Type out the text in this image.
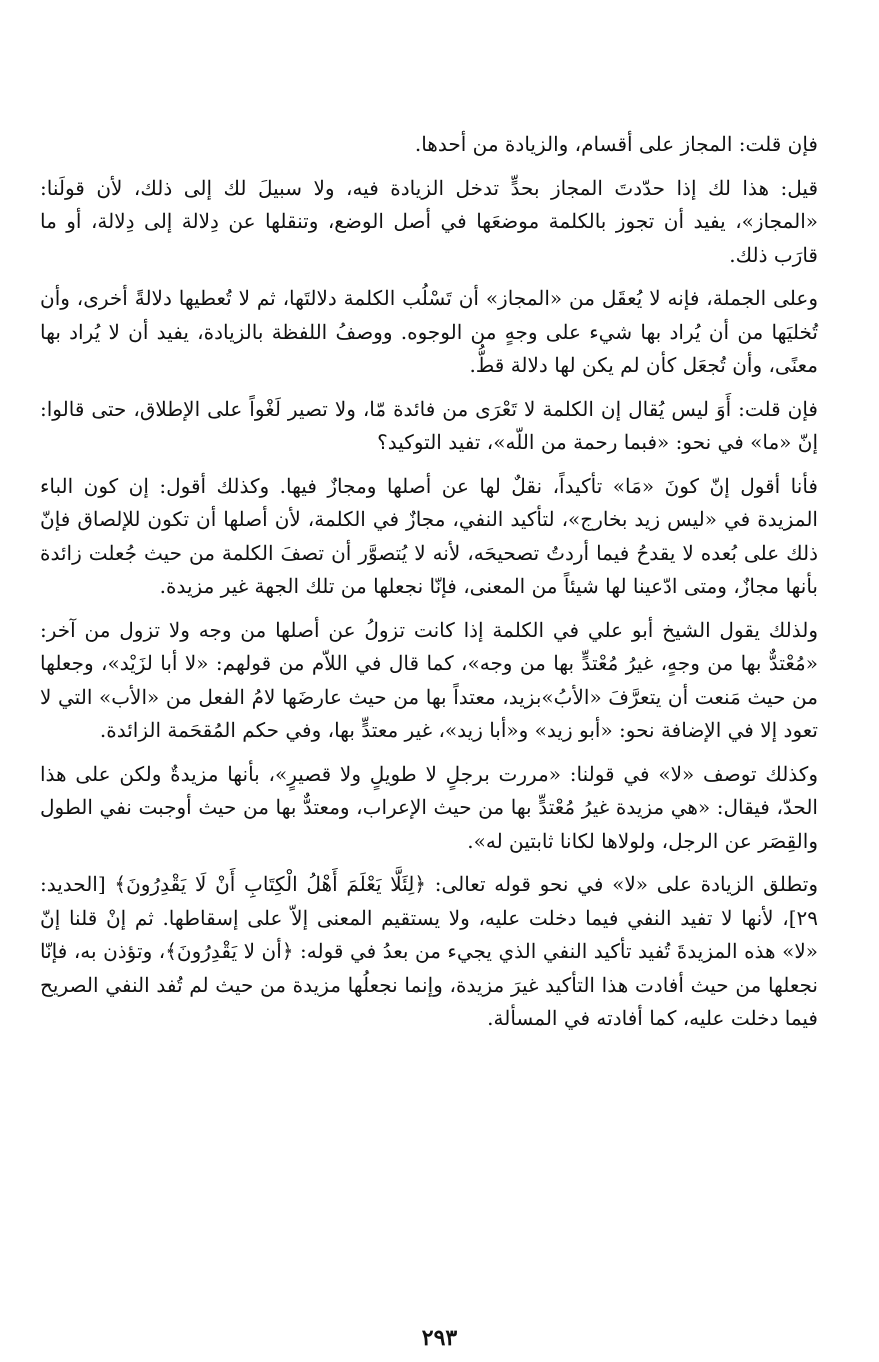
فإن قلت: المجاز على أقسام، والزيادة من أحدها.

قيل: هذا لك إذا حدّدتَ المجاز بحدٍّ تدخل الزيادة فيه، ولا سبيلَ لك إلى ذلك، لأن قولَنا: «المجاز»، يفيد أن تجوز بالكلمة موضعَها في أصل الوضع، وتنقلها عن دِلالة إلى دِلالة، أو ما قارَب ذلك.

وعلى الجملة، فإنه لا يُعقَل من «المجاز» أن تَسْلُب الكلمة دلالتَها، ثم لا تُعطيها دلالةً أخرى، وأن تُخليَها من أن يُراد بها شيء على وجهٍ من الوجوه. ووصفُ اللفظة بالزيادة، يفيد أن لا يُراد بها معنًى، وأن تُجعَل كأن لم يكن لها دلالة قطُّ.

فإن قلت: أَوَ ليس يُقال إن الكلمة لا تَعْرَى من فائدة مّا، ولا تصير لَغْواً على الإطلاق، حتى قالوا: إنّ «ما» في نحو: «فبما رحمة من اللّه»، تفيد التوكيد؟

فأنا أقول إنّ كونَ «مَا» تأكيداً، نقلٌ لها عن أصلها ومجازٌ فيها. وكذلك أقول: إن كون الباء المزيدة في «ليس زيد بخارج»، لتأكيد النفي، مجازٌ في الكلمة، لأن أصلها أن تكون للإلصاق فإنّ ذلك على بُعده لا يقدحُ فيما أردتُ تصحيحَه، لأنه لا يُتصوَّر أن تصفَ الكلمة من حيث جُعلت زائدة بأنها مجازٌ، ومتى ادّعينا لها شيئاً من المعنى، فإنّا نجعلها من تلك الجهة غير مزيدة.

ولذلك يقول الشيخ أبو علي في الكلمة إذا كانت تزولُ عن أصلها من وجه ولا تزول من آخر: «مُعْتدٌّ بها من وجهٍ، غيرُ مُعْتدٍّ بها من وجه»، كما قال في اللاّم من قولهم: «لا أبا لزَيْد»، وجعلها من حيث مَنعت أن يتعرَّفَ «الأبُ»بزيد، معتداً بها من حيث عارضَها لامُ الفعل من «الأب» التي لا تعود إلا في الإضافة نحو: «أبو زيد» و«أبا زيد»، غير معتدٍّ بها، وفي حكم المُقحَمة الزائدة.

وكذلك توصف «لا» في قولنا: «مررت برجلٍ لا طويلٍ ولا قصيرٍ»، بأنها مزيدةٌ ولكن على هذا الحدّ، فيقال: «هي مزيدة غيرُ مُعْتدٍّ بها من حيث الإعراب، ومعتدٌّ بها من حيث أوجبت نفي الطول والقِصَر عن الرجل، ولولاها لكانا ثابتين له».

وتطلق الزيادة على «لا» في نحو قوله تعالى: ﴿لِئَلَّا يَعْلَمَ أَهْلُ الْكِتَابِ أَنْ لَا يَقْدِرُونَ﴾ [الحديد: ٢٩]، لأنها لا تفيد النفي فيما دخلت عليه، ولا يستقيم المعنى إلاّ على إسقاطها. ثم إنْ قلنا إنّ «لا» هذه المزيدةَ تُفيد تأكيد النفي الذي يجيء من بعدُ في قوله: ﴿أن لا يَقْدِرُونَ﴾، وتؤذن به، فإنّا نجعلها من حيث أفادت هذا التأكيد غيرَ مزيدة، وإنما نجعلُها مزيدة من حيث لم تُفد النفي الصريح فيما دخلت عليه، كما أفادته في المسألة.

٢٩٣
